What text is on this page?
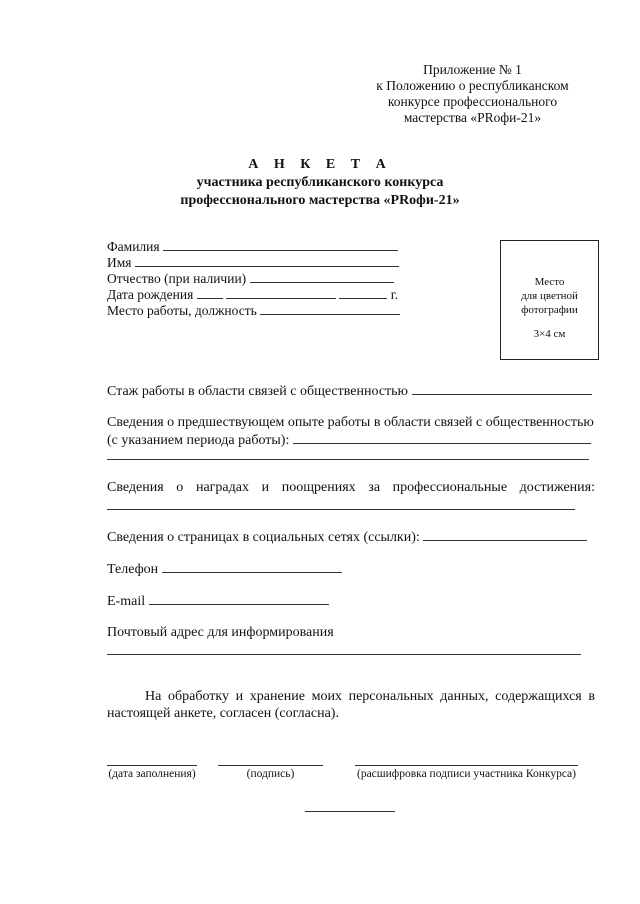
Приложение № 1
к Положению о республиканском
конкурсе профессионального
мастерства «PRофи-21»
А Н К Е Т А
участника республиканского конкурса
профессионального мастерства «PRофи-21»
Фамилия
Имя
Отчество (при наличии)
Дата рождения	г.
Место работы, должность
Место
для цветной
фотографии
3×4 см
Стаж работы в области связей с общественностью
Сведения о предшествующем опыте работы в области связей с общественностью
(с указанием периода работы):
Сведения о наградах и поощрениях за профессиональные достижения:
Сведения о страницах в социальных сетях (ссылки):
Телефон
E-mail
Почтовый адрес для информирования
На обработку и хранение моих персональных данных, содержащихся в
настоящей анкете, согласен (согласна).
(дата заполнения)	(подпись)	(расшифровка подписи участника Конкурса)
